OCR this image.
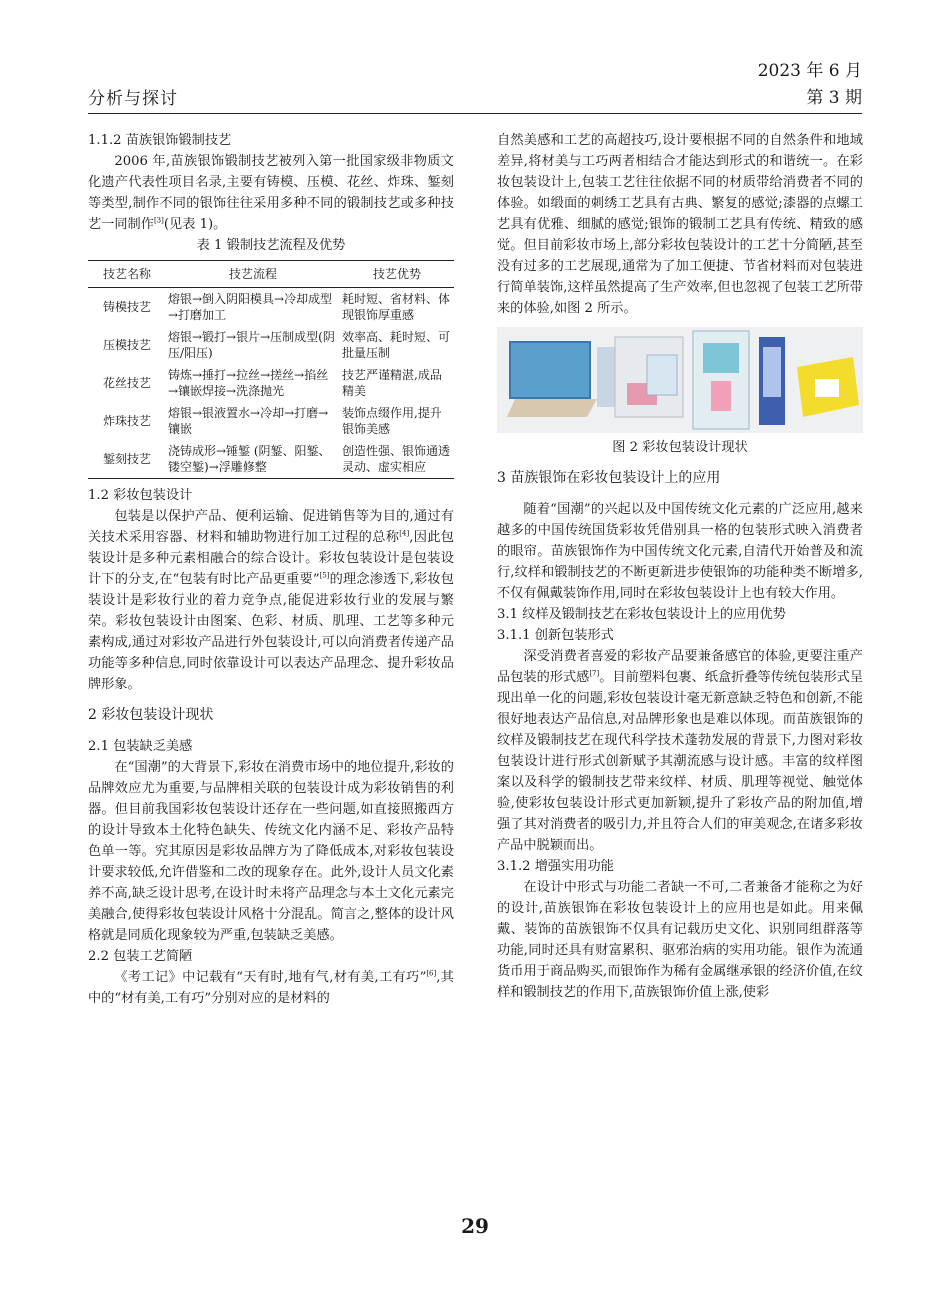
分析与探讨
2023 年 6 月
第 3 期
1.1.2 苗族银饰锻制技艺

2006 年,苗族银饰锻制技艺被列入第一批国家级非物质文化遗产代表性项目名录,主要有铸模、压模、花丝、炸珠、錾刻等类型,制作不同的银饰往往采用多种不同的锻制技艺或多种技艺一同制作[3](见表 1)。

表 1 锻制技艺流程及优势
技艺名称	技艺流程	技艺优势
铸模技艺	熔银→倒入阴阳模具→冷却成型→打磨加工	耗时短、省材料、体现银饰厚重感
压模技艺	熔银→锻打→银片→压制成型(阴压/阳压)	效率高、耗时短、可批量压制
花丝技艺	铸炼→捶打→拉丝→搓丝→掐丝→镶嵌焊接→洗涤抛光	技艺严谨精湛,成品精美
炸珠技艺	熔银→银液置水→冷却→打磨→镶嵌	装饰点缀作用,提升银饰美感
錾刻技艺	浇铸成形→锤錾 (阴錾、阳錾、镂空錾)→浮雕修整	创造性强、银饰通透灵动、虚实相应
1.2 彩妆包装设计

包装是以保护产品、便利运输、促进销售等为目的,通过有关技术采用容器、材料和辅助物进行加工过程的总称[4],因此包装设计是多种元素相融合的综合设计。彩妆包装设计是包装设计下的分支,在“包装有时比产品更重要”[5]的理念渗透下,彩妆包装设计是彩妆行业的着力竞争点,能促进彩妆行业的发展与繁荣。彩妆包装设计由图案、色彩、材质、肌理、工艺等多种元素构成,通过对彩妆产品进行外包装设计,可以向消费者传递产品功能等多种信息,同时依靠设计可以表达产品理念、提升彩妆品牌形象。

2 彩妆包装设计现状
2.1 包装缺乏美感

在“国潮”的大背景下,彩妆在消费市场中的地位提升,彩妆的品牌效应尤为重要,与品牌相关联的包装设计成为彩妆销售的利器。但目前我国彩妆包装设计还存在一些问题,如直接照搬西方的设计导致本土化特色缺失、传统文化内涵不足、彩妆产品特色单一等。究其原因是彩妆品牌方为了降低成本,对彩妆包装设计要求较低,允许借鉴和二改的现象存在。此外,设计人员文化素养不高,缺乏设计思考,在设计时未将产品理念与本土文化元素完美融合,使得彩妆包装设计风格十分混乱。简言之,整体的设计风格就是同质化现象较为严重,包装缺乏美感。

2.2 包装工艺简陋

《考工记》中记载有“天有时,地有气,材有美,工有巧”[6],其中的“材有美,工有巧”分别对应的是材料的

自然美感和工艺的高超技巧,设计要根据不同的自然条件和地域差异,将材美与工巧两者相结合才能达到形式的和谐统一。在彩妆包装设计上,包装工艺往往依据不同的材质带给消费者不同的体验。如缎面的刺绣工艺具有古典、繁复的感觉;漆器的点螺工艺具有优雅、细腻的感觉;银饰的锻制工艺具有传统、精致的感觉。但目前彩妆市场上,部分彩妆包装设计的工艺十分简陋,甚至没有过多的工艺展现,通常为了加工便捷、节省材料而对包装进行简单装饰,这样虽然提高了生产效率,但也忽视了包装工艺所带来的体验,如图 2 所示。

图 2 彩妆包装设计现状
3 苗族银饰在彩妆包装设计上的应用

随着“国潮”的兴起以及中国传统文化元素的广泛应用,越来越多的中国传统国货彩妆凭借别具一格的包装形式映入消费者的眼帘。苗族银饰作为中国传统文化元素,自清代开始普及和流行,纹样和锻制技艺的不断更新进步使银饰的功能种类不断增多,不仅有佩戴装饰作用,同时在彩妆包装设计上也有较大作用。

3.1 纹样及锻制技艺在彩妆包装设计上的应用优势
3.1.1 创新包装形式

深受消费者喜爱的彩妆产品要兼备感官的体验,更要注重产品包装的形式感[7]。目前塑料包裹、纸盒折叠等传统包装形式呈现出单一化的问题,彩妆包装设计毫无新意缺乏特色和创新,不能很好地表达产品信息,对品牌形象也是难以体现。而苗族银饰的纹样及锻制技艺在现代科学技术蓬勃发展的背景下,力图对彩妆包装设计进行形式创新赋予其潮流感与设计感。丰富的纹样图案以及科学的锻制技艺带来纹样、材质、肌理等视觉、触觉体验,使彩妆包装设计形式更加新颖,提升了彩妆产品的附加值,增强了其对消费者的吸引力,并且符合人们的审美观念,在诸多彩妆产品中脱颖而出。

3.1.2 增强实用功能

在设计中形式与功能二者缺一不可,二者兼备才能称之为好的设计,苗族银饰在彩妆包装设计上的应用也是如此。用来佩戴、装饰的苗族银饰不仅具有记载历史文化、识别同组群落等功能,同时还具有财富累积、驱邪治病的实用功能。银作为流通货币用于商品购买,而银饰作为稀有金属继承银的经济价值,在纹样和锻制技艺的作用下,苗族银饰价值上涨,使彩

29
